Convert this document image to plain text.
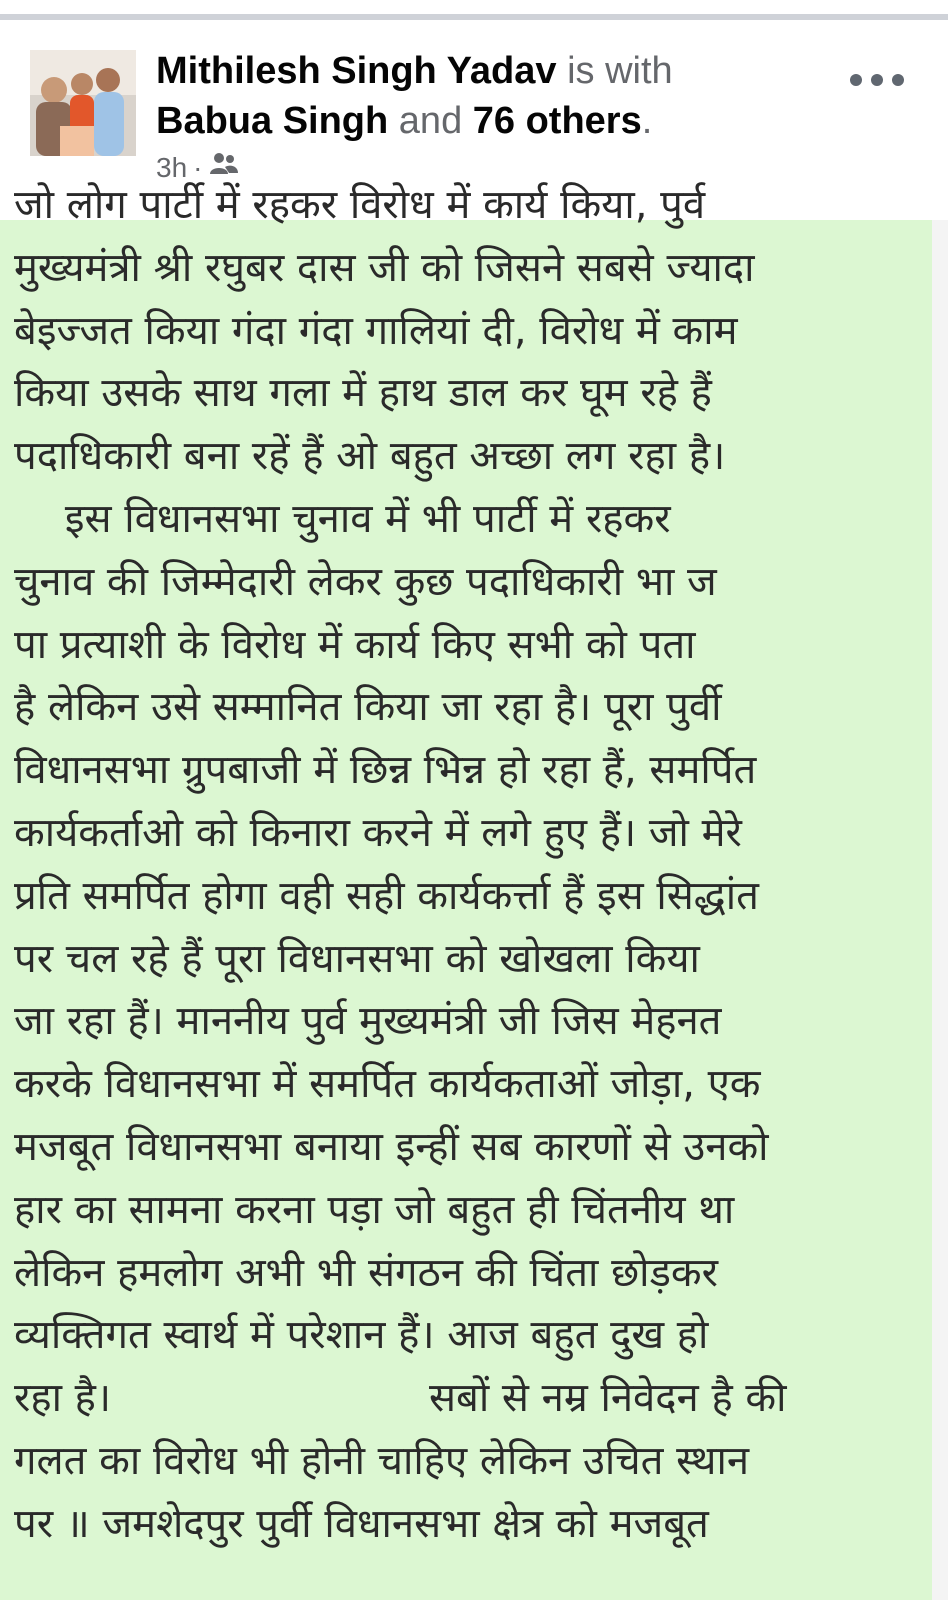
Mithilesh Singh Yadav is with
Babua Singh and 76 others.
3h ·
जो लोग पार्टी में रहकर विरोध में कार्य किया, पुर्व
मुख्यमंत्री श्री रघुबर दास जी को जिसने सबसे ज्यादा
बेइज्जत किया गंदा गंदा गालियां दी, विरोध में काम
किया उसके साथ गला में हाथ डाल कर घूम रहे हैं
पदाधिकारी बना रहें हैं ओ बहुत अच्छा लग रहा है।
इस विधानसभा चुनाव में भी पार्टी में रहकर
चुनाव की जिम्मेदारी लेकर कुछ पदाधिकारी भा ज
पा प्रत्याशी के विरोध में कार्य किए सभी को पता
है लेकिन उसे सम्मानित किया जा रहा है। पूरा पुर्वी
विधानसभा ग्रुपबाजी में छिन्न भिन्न हो रहा हैं, समर्पित
कार्यकर्ताओ को किनारा करने में लगे हुए हैं। जो मेरे
प्रति समर्पित होगा वही सही कार्यकर्त्ता हैं इस सिद्धांत
पर चल रहे हैं पूरा विधानसभा को खोखला किया
जा रहा हैं। माननीय पुर्व मुख्यमंत्री जी जिस मेहनत
करके विधानसभा में समर्पित कार्यकताओं जोड़ा, एक
मजबूत विधानसभा बनाया इन्हीं सब कारणों से उनको
हार का सामना करना पड़ा जो बहुत ही चिंतनीय था
लेकिन हमलोग अभी भी संगठन की चिंता छोड़कर
व्यक्तिगत स्वार्थ में परेशान हैं। आज बहुत दुख हो
रहा है।                         सबों से नम्र निवेदन है की
गलत का विरोध भी होनी चाहिए लेकिन उचित स्थान
पर ॥ जमशेदपुर पुर्वी विधानसभा क्षेत्र को मजबूत
